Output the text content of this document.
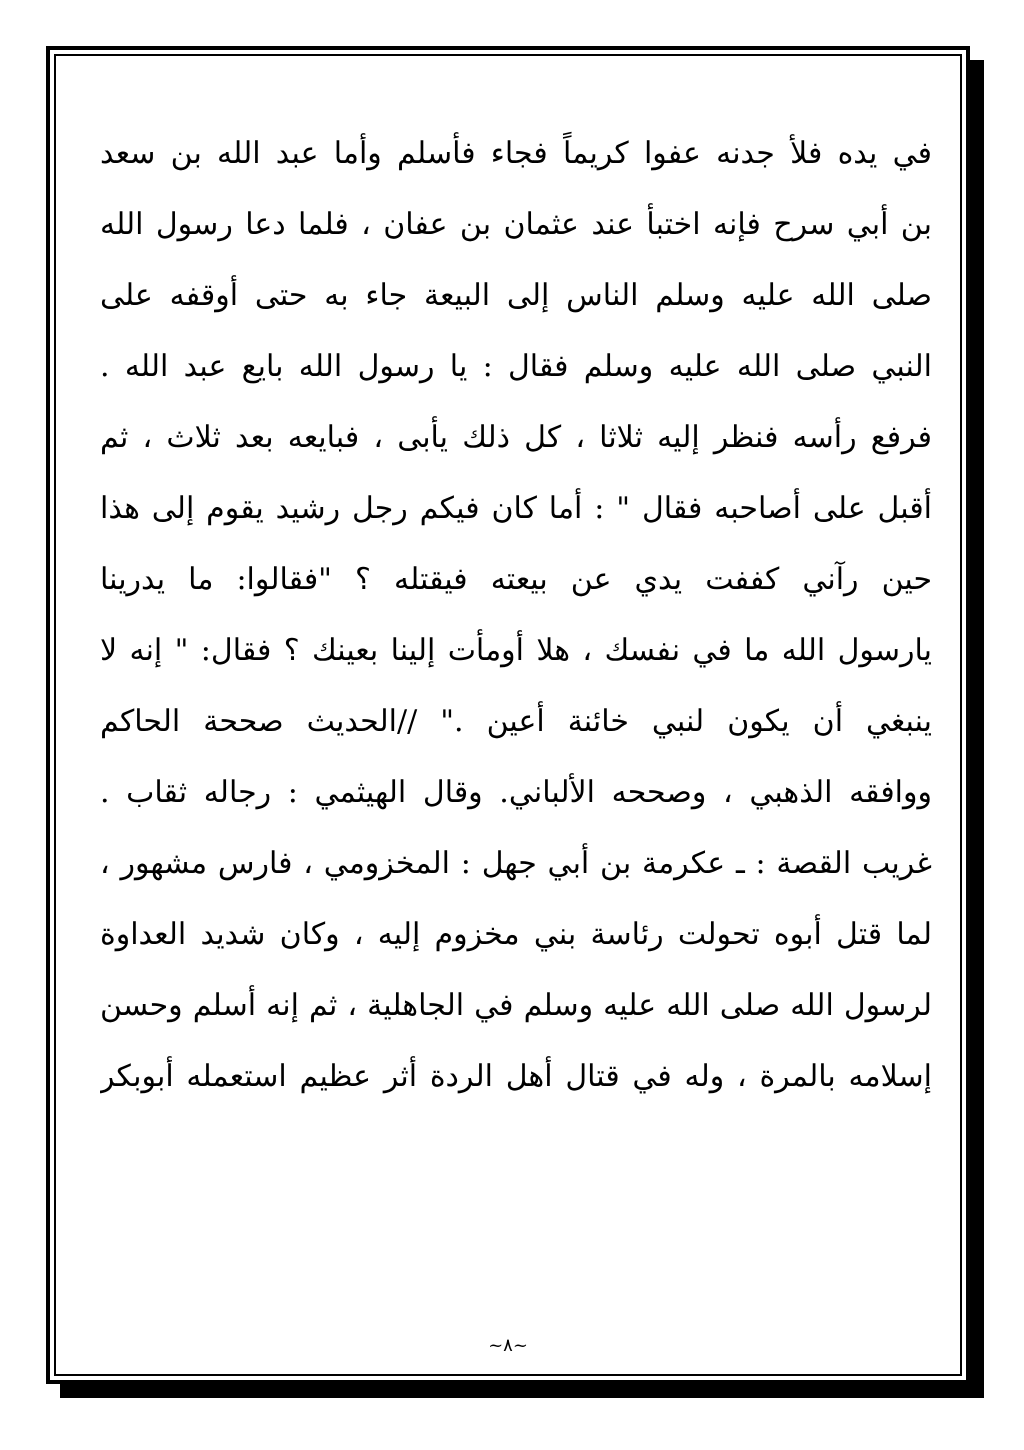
في يده فلأ جدنه عفوا كريماً فجاء فأسلم وأما عبد الله بن سعد
بن أبي سرح فإنه اختبأ عند عثمان بن عفان ، فلما دعا رسول الله
صلى الله عليه وسلم الناس إلى البيعة جاء به حتى أوقفه على
النبي صلى الله عليه وسلم فقال : يا رسول الله بايع عبد الله .
فرفع رأسه فنظر إليه ثلاثا ، كل ذلك يأبى ، فبايعه بعد ثلاث ، ثم
أقبل على أصاحبه فقال " : أما كان فيكم رجل رشيد يقوم إلى هذا
حين رآني كففت يدي عن بيعته فيقتله ؟ "فقالوا: ما يدرينا
يارسول الله ما في نفسك ، هلا أومأت إلينا بعينك ؟ فقال: " إنه لا
ينبغي أن يكون لنبي خائنة أعين ." //الحديث صححة الحاكم
ووافقه الذهبي ، وصححه الألباني. وقال الهيثمي : رجاله ثقاب .
غريب القصة : ـ عكرمة بن أبي جهل : المخزومي ، فارس مشهور ،
لما قتل أبوه تحولت رئاسة بني مخزوم إليه ، وكان شديد العداوة
لرسول الله صلى الله عليه وسلم في الجاهلية ، ثم إنه أسلم وحسن
إسلامه بالمرة ، وله في قتال أهل الردة أثر عظيم استعمله أبوبكر
~٨~
